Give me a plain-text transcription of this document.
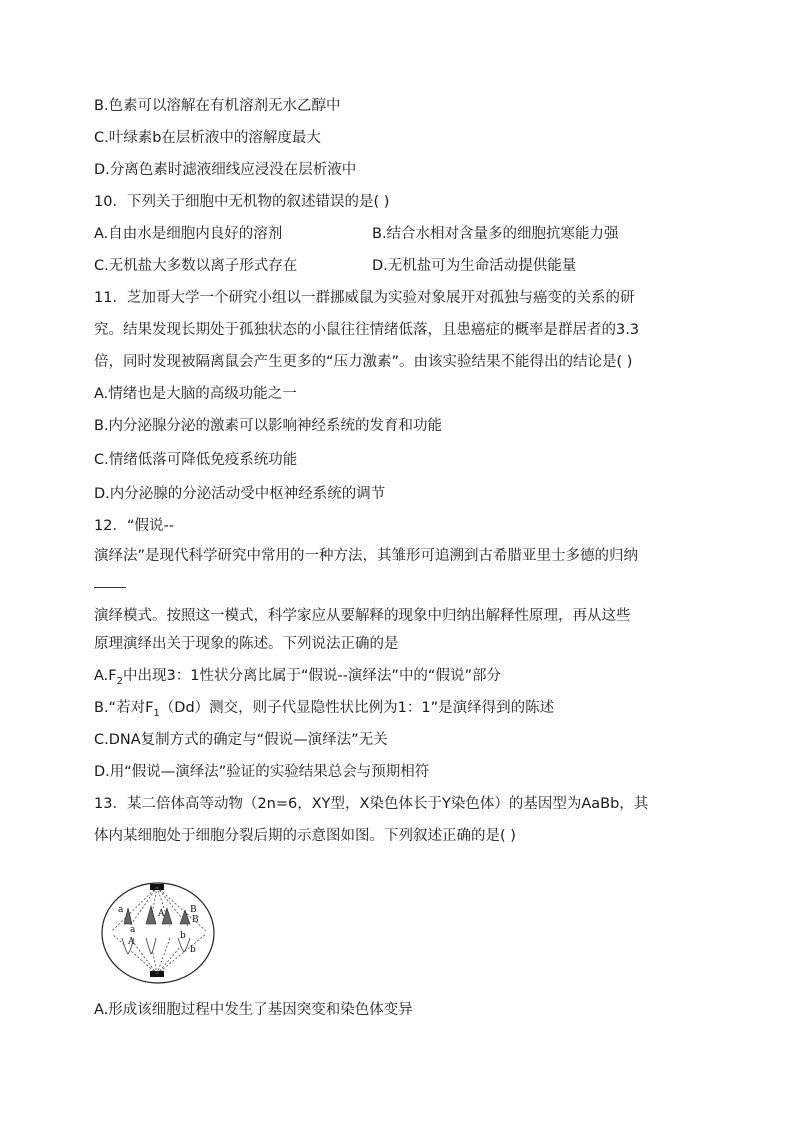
B.色素可以溶解在有机溶剂无水乙醇中
C.叶绿素b在层析液中的溶解度最大
D.分离色素时滤液细线应浸没在层析液中
10．下列关于细胞中无机物的叙述错误的是( )
A.自由水是细胞内良好的溶剂	B.结合水相对含量多的细胞抗寒能力强
C.无机盐大多数以离子形式存在	D.无机盐可为生命活动提供能量
11．芝加哥大学一个研究小组以一群挪威鼠为实验对象展开对孤独与癌变的关系的研
究。结果发现长期处于孤独状态的小鼠往往情绪低落，且患癌症的概率是群居者的3.3
倍，同时发现被隔离鼠会产生更多的“压力激素”。由该实验结果不能得出的结论是( )
A.情绪也是大脑的高级功能之一
B.内分泌腺分泌的激素可以影响神经系统的发育和功能
C.情绪低落可降低免疫系统功能
D.内分泌腺的分泌活动受中枢神经系统的调节
12．“假说--
演绎法”是现代科学研究中常用的一种方法，其雏形可追溯到古希腊亚里士多德的归纳
演绎模式。按照这一模式，科学家应从要解释的现象中归纳出解释性原理，再从这些
原理演绎出关于现象的陈述。下列说法正确的是
$A.F_2$中出现3：1性状分离比属于“假说--演绎法”中的“假说”部分
B.“若对$F_1(Dd)$测交，则子代显隐性状比例为1：1”是演绎得到的陈述
C.DNA复制方式的确定与“假说—演绎法”无关
D.用“假说—演绎法”验证的实验结果总会与预期相符
13．某二倍体高等动物（2n=6，XY型，X染色体长于Y染色体）的基因型为AaBb，其
体内某细胞处于细胞分裂后期的示意图如图。下列叙述正确的是( )
a	A	B
B
a
A
b
b
A.形成该细胞过程中发生了基因突变和染色体变异
